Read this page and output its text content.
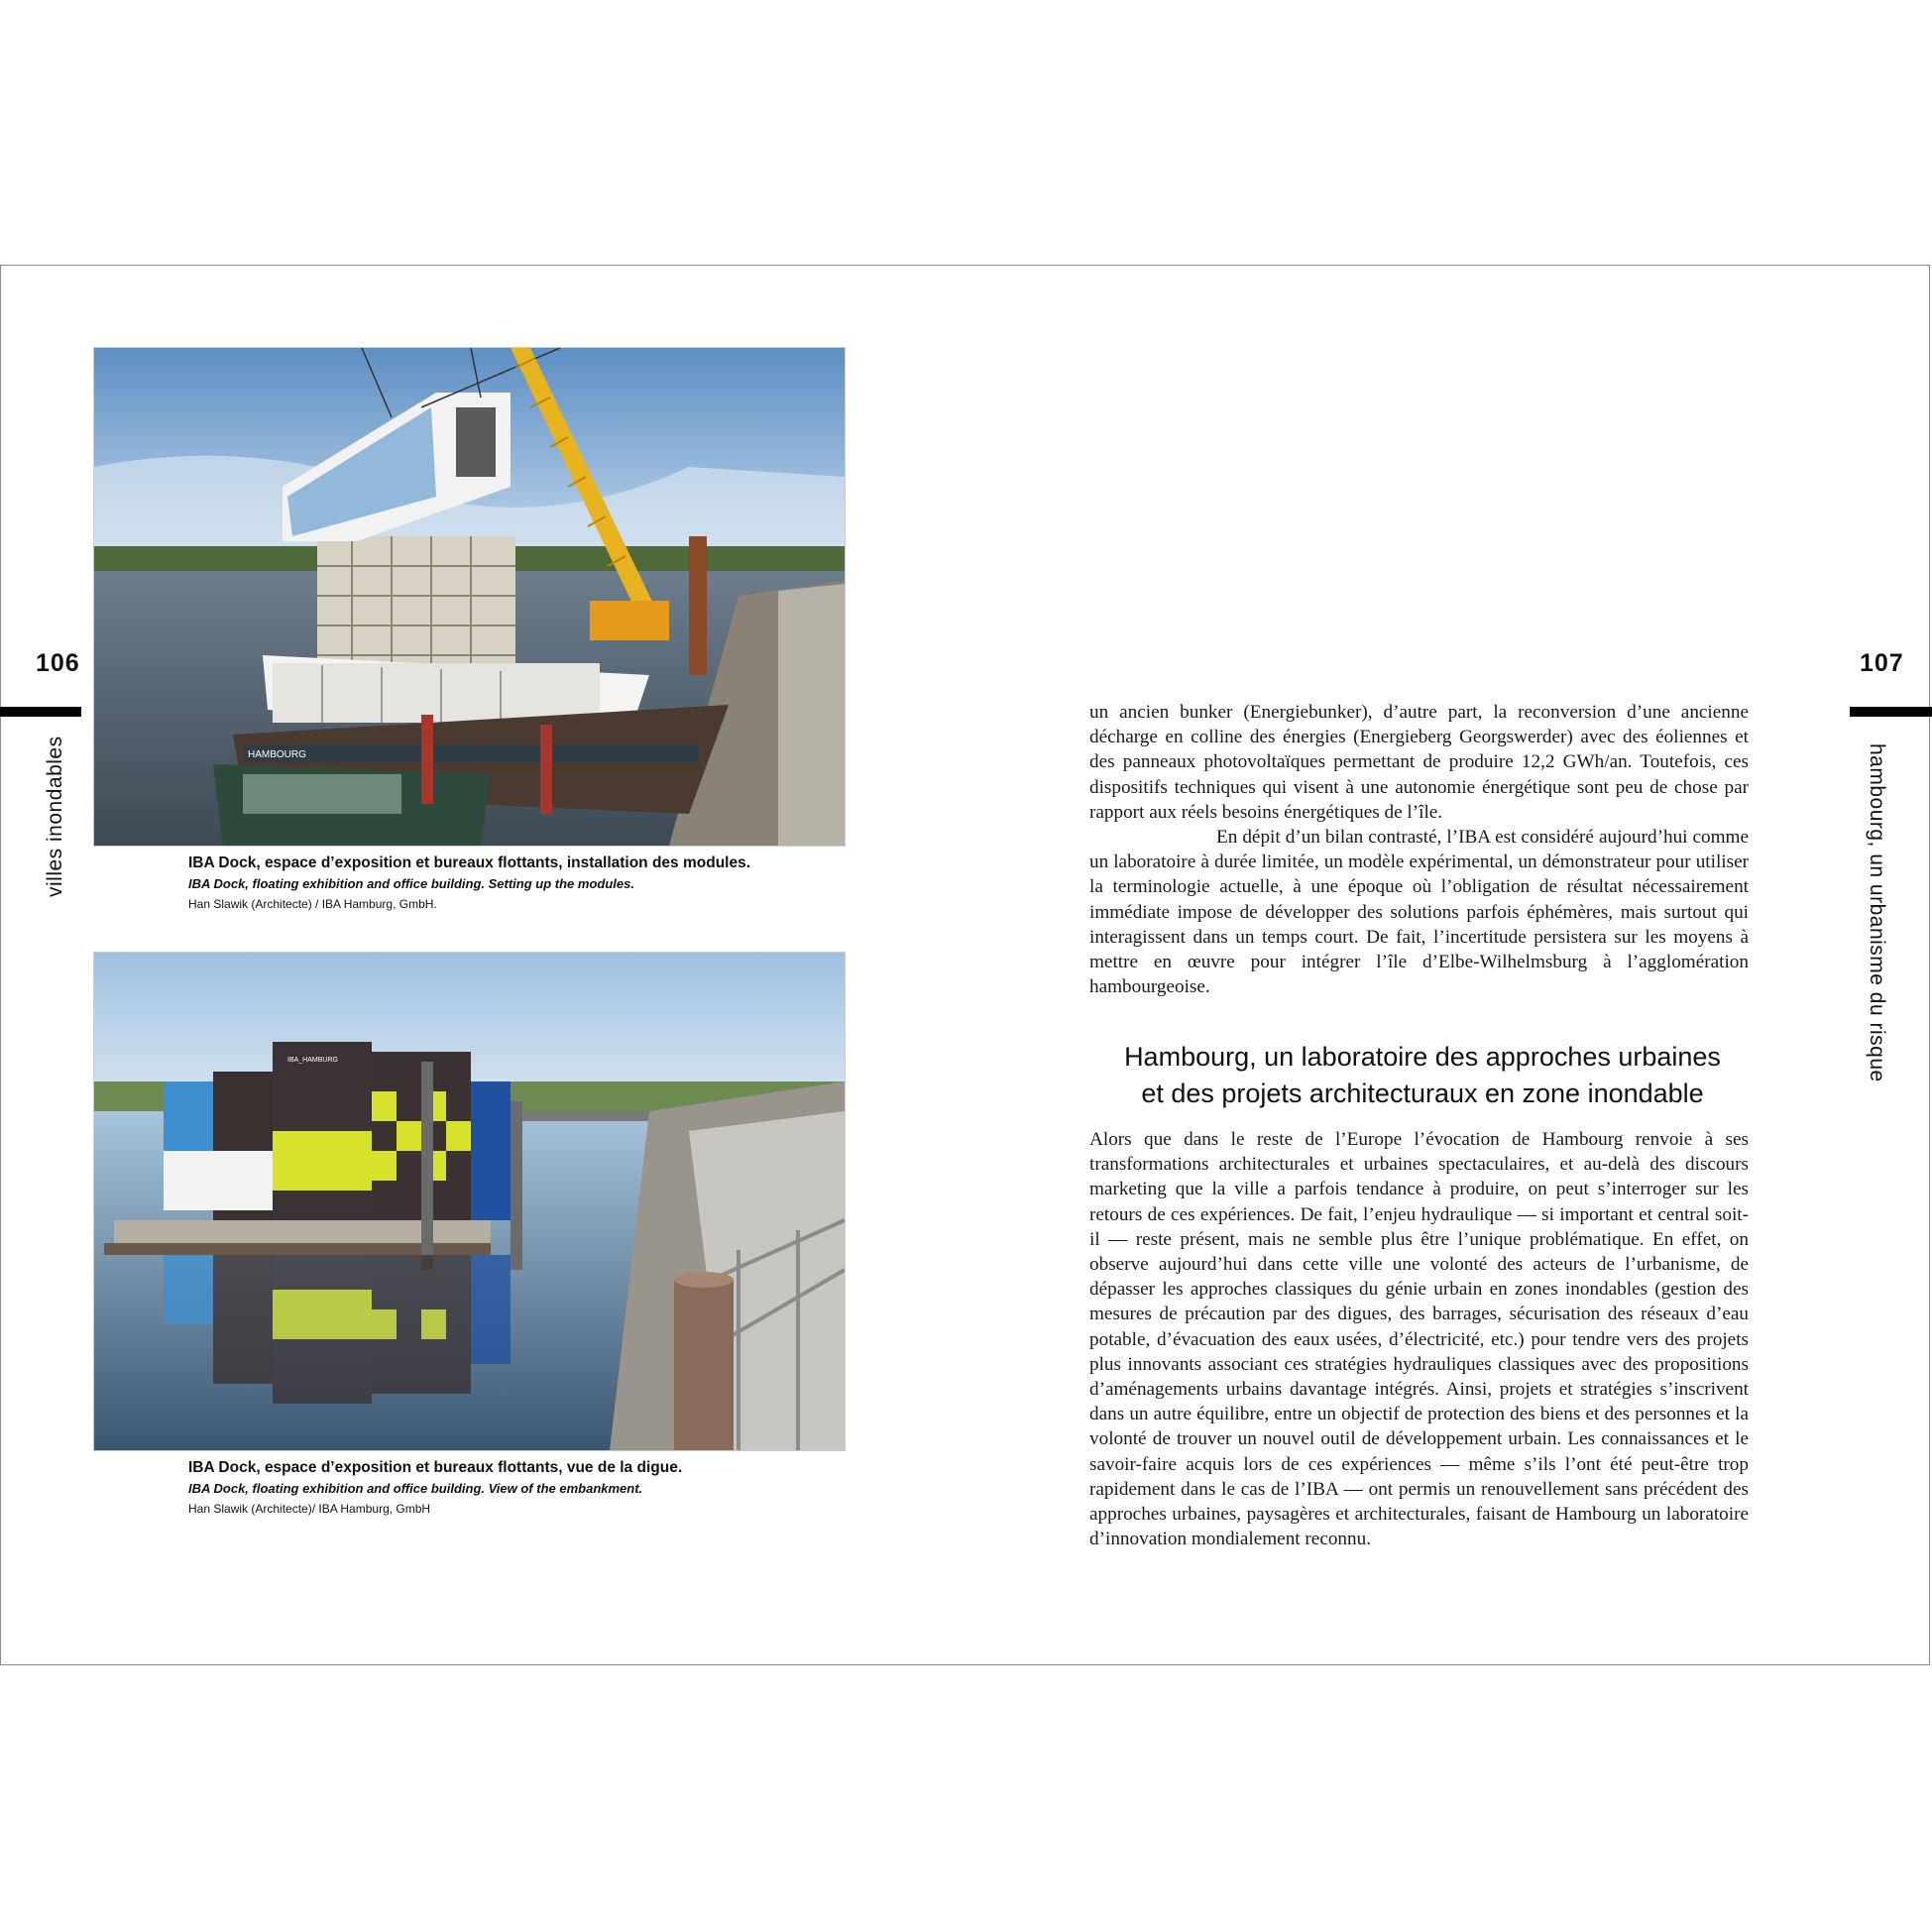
106
villes inondables	HAMBOURG
IBA Dock, espace d’exposition et bureaux flottants, installation des modules.
IBA Dock, floating exhibition and office building. Setting up the modules.
Han Slawik (Architecte) / IBA Hamburg, GmbH.
IBA_HAMBURG
IBA Dock, espace d’exposition et bureaux flottants, vue de la digue.
IBA Dock, floating exhibition and office building. View of the embankment.
Han Slawik (Architecte)/ IBA Hamburg, GmbH
107
hambourg, un urbanisme du risque

un ancien bunker (Energiebunker), d’autre part, la reconversion d’une ancienne décharge en colline des énergies (Energieberg Georgswerder) avec des éoliennes et des panneaux photovoltaïques permettant de produire 12,2 GWh/an. Toutefois, ces dispositifs techniques qui visent à une autonomie énergétique sont peu de chose par rapport aux réels besoins énergétiques de l’île.

En dépit d’un bilan contrasté, l’IBA est considéré aujourd’hui comme un laboratoire à durée limitée, un modèle expérimental, un démonstrateur pour utiliser la terminologie actuelle, à une époque où l’obligation de résultat nécessairement immédiate impose de développer des solutions parfois éphémères, mais surtout qui interagissent dans un temps court. De fait, l’incertitude persistera sur les moyens à mettre en œuvre pour intégrer l’île d’Elbe-Wilhelmsburg à l’agglomération hambourgeoise.

Hambourg, un laboratoire des approches urbaines
et des projets architecturaux en zone inondable

Alors que dans le reste de l’Europe l’évocation de Hambourg renvoie à ses transformations architecturales et urbaines spectaculaires, et au-delà des discours marketing que la ville a parfois tendance à produire, on peut s’interroger sur les retours de ces expériences. De fait, l’enjeu hydraulique — si important et central soit-il — reste présent, mais ne semble plus être l’unique problématique. En effet, on observe aujourd’hui dans cette ville une volonté des acteurs de l’urbanisme, de dépasser les approches classiques du génie urbain en zones inondables (gestion des mesures de précaution par des digues, des barrages, sécurisation des réseaux d’eau potable, d’évacuation des eaux usées, d’électricité, etc.) pour tendre vers des projets plus innovants associant ces stratégies hydrauliques classiques avec des propositions d’aménagements urbains davantage intégrés. Ainsi, projets et stratégies s’inscrivent dans un autre équilibre, entre un objectif de protection des biens et des personnes et la volonté de trouver un nouvel outil de développement urbain. Les connaissances et le savoir-faire acquis lors de ces expériences — même s’ils l’ont été peut-être trop rapidement dans le cas de l’IBA — ont permis un renouvellement sans précédent des approches urbaines, paysagères et architecturales, faisant de Hambourg un laboratoire d’innovation mondialement reconnu.
